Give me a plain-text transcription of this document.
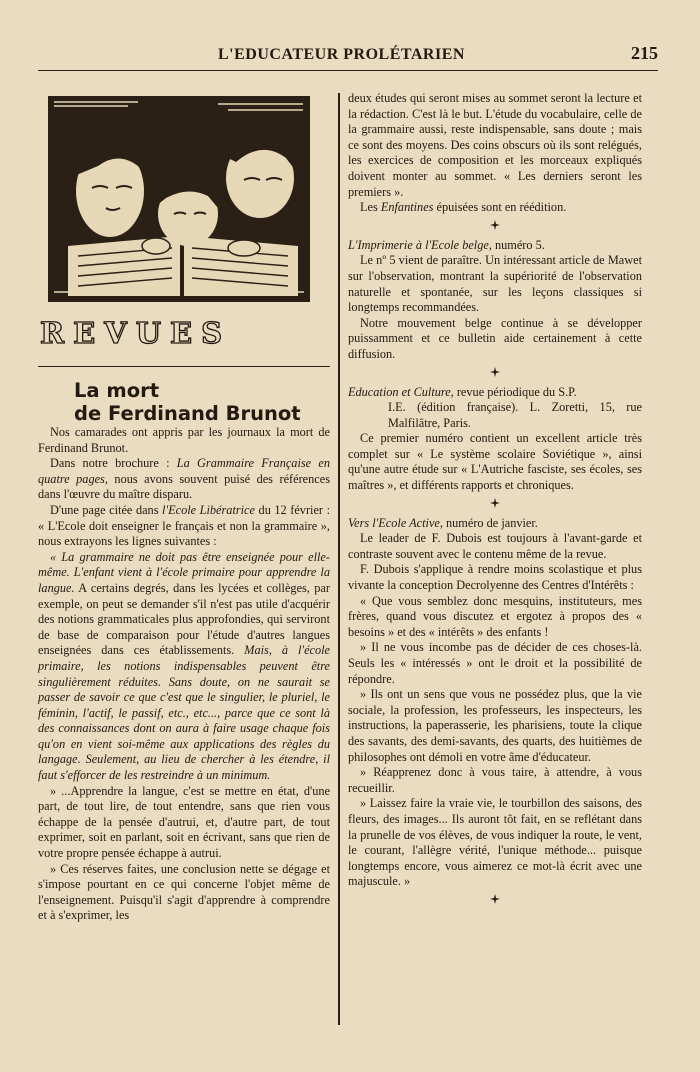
L'EDUCATEUR PROLÉTARIEN	215
REVUES
La mort
de Ferdinand Brunot

Nos camarades ont appris par les journaux la mort de Ferdinand Brunot.

Dans notre brochure : La Grammaire Française en quatre pages, nous avons souvent puisé des références dans l'œuvre du maître disparu.

D'une page citée dans l'Ecole Libératrice du 12 février : « L'Ecole doit enseigner le français et non la grammaire », nous extrayons les lignes suivantes :

« La grammaire ne doit pas être enseignée pour elle-même. L'enfant vient à l'école primaire pour apprendre la langue. A certains degrés, dans les lycées et collèges, par exemple, on peut se demander s'il n'est pas utile d'acquérir des notions grammaticales plus approfondies, qui serviront de base de comparaison pour l'étude d'autres langues enseignées dans ces établissements. Mais, à l'école primaire, les notions indispensables peuvent être singulièrement réduites. Sans doute, on ne saurait se passer de savoir ce que c'est que le singulier, le pluriel, le féminin, l'actif, le passif, etc., etc..., parce que ce sont là des connaissances dont on aura à faire usage chaque fois qu'on en vient soi-même aux applications des règles du langage. Seulement, au lieu de chercher à les étendre, il faut s'efforcer de les restreindre à un minimum.

» ...Apprendre la langue, c'est se mettre en état, d'une part, de tout lire, de tout entendre, sans que rien vous échappe de la pensée d'autrui, et, d'autre part, de tout exprimer, soit en parlant, soit en écrivant, sans que rien de votre propre pensée échappe à autrui.

» Ces réserves faites, une conclusion nette se dégage et s'impose pourtant en ce qui concerne l'objet même de l'enseignement. Puisqu'il s'agit d'apprendre à comprendre et à s'exprimer, les

deux études qui seront mises au sommet seront la lecture et la rédaction. C'est là le but. L'étude du vocabulaire, celle de la grammaire aussi, reste indispensable, sans doute ; mais ce sont des moyens. Des coins obscurs où ils sont relégués, les exercices de composition et les morceaux expliqués doivent monter au sommet. « Les derniers seront les premiers ».

Les Enfantines épuisées sont en réédition.

L'Imprimerie à l'Ecole belge, numéro 5.

Le nº 5 vient de paraître. Un intéressant article de Mawet sur l'observation, montrant la supériorité de l'observation naturelle et spontanée, sur les leçons classiques si longtemps recommandées.

Notre mouvement belge continue à se développer puissamment et ce bulletin aide certainement à cette diffusion.

Education et Culture, revue périodique du S.P.

I.E. (édition française). L. Zoretti, 15, rue Malfilâtre, Paris.

Ce premier numéro contient un excellent article très complet sur « Le système scolaire Soviétique », ainsi qu'une autre étude sur « L'Autriche fasciste, ses écoles, ses maîtres », et différents rapports et chroniques.

Vers l'Ecole Active, numéro de janvier.

Le leader de F. Dubois est toujours à l'avant-garde et contraste souvent avec le contenu même de la revue.

F. Dubois s'applique à rendre moins scolastique et plus vivante la conception Decrolyenne des Centres d'Intérêts :

« Que vous semblez donc mesquins, instituteurs, mes frères, quand vous discutez et ergotez à propos des « besoins » et des « intérêts » des enfants !

» Il ne vous incombe pas de décider de ces choses-là. Seuls les « intéressés » ont le droit et la possibilité de répondre.

» Ils ont un sens que vous ne possédez plus, que la vie sociale, la profession, les professeurs, les inspecteurs, les instructions, la paperasserie, les pharisiens, toute la clique des savants, des demi-savants, des quarts, des huitièmes de philosophes ont démoli en votre âme d'éducateur.

» Réapprenez donc à vous taire, à attendre, à vous recueillir.

» Laissez faire la vraie vie, le tourbillon des saisons, des fleurs, des images... Ils auront tôt fait, en se reflétant dans la prunelle de vos élèves, de vous indiquer la route, le vent, le courant, l'allègre vérité, l'unique méthode... puisque longtemps encore, vous aimerez ce mot-là écrit avec une majuscule. »
